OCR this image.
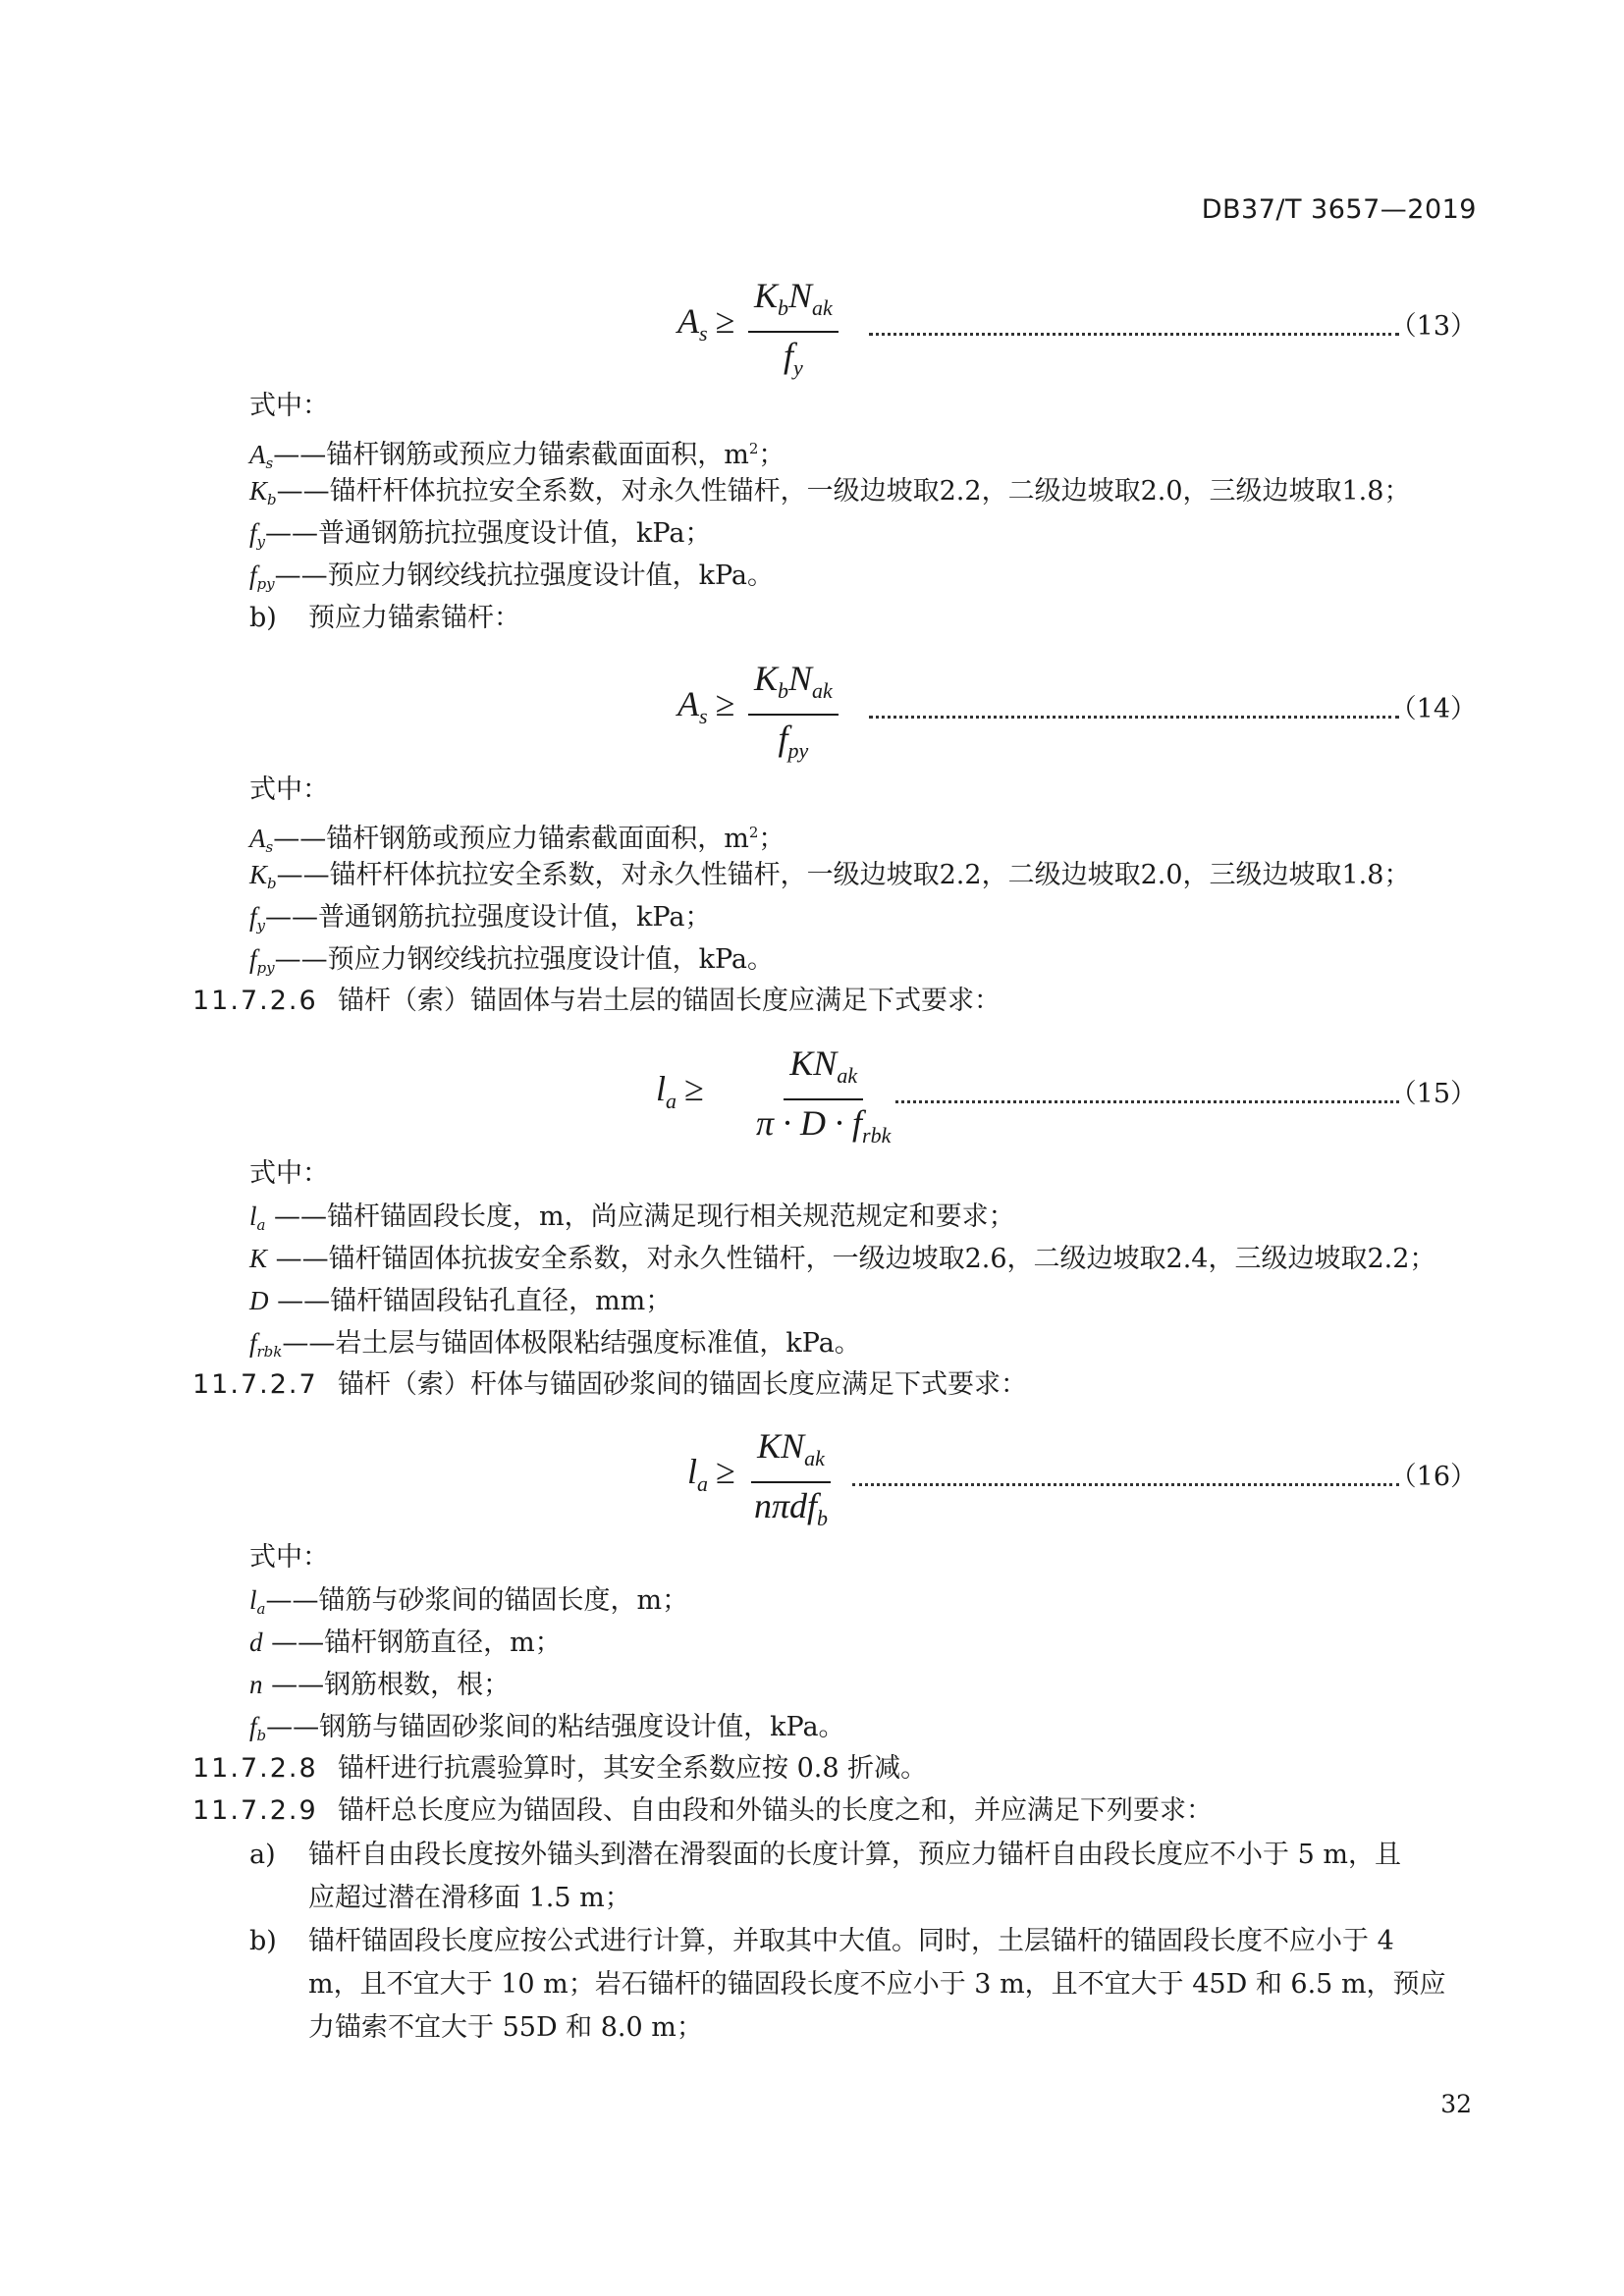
DB37/T 3657—2019
$A_s$ ≥
$K_bN_{ak}$
$f_y$
（13）
式中：
$A_s——$锚杆钢筋或预应力锚索截面面积，$m^2$；
$K_b——$锚杆杆体抗拉安全系数，对永久性锚杆，一级边坡取2.2，二级边坡取2.0，三级边坡取1.8；
$f_y——$普通钢筋抗拉强度设计值，kPa；
$f_{py}——$预应力钢绞线抗拉强度设计值，kPa。
b) 预应力锚索锚杆：
$A_s$ ≥
$K_bN_{ak}$
$f_{py}$
（14）
式中：
$A_s——$锚杆钢筋或预应力锚索截面面积，$m^2$；
$K_b——$锚杆杆体抗拉安全系数，对永久性锚杆，一级边坡取2.2，二级边坡取2.0，三级边坡取1.8；
$f_y——$普通钢筋抗拉强度设计值，kPa；
$f_{py}——$预应力钢绞线抗拉强度设计值，kPa。
11.7.2.6 锚杆（索）锚固体与岩土层的锚固长度应满足下式要求：
$l_a$ ≥
$KN_{ak}$
$\pi \cdot D \cdot f_{rbk}$
（15）
式中：
$l_a$ ——锚杆锚固段长度，m，尚应满足现行相关规范规定和要求；
K ——锚杆锚固体抗拔安全系数，对永久性锚杆，一级边坡取2.6，二级边坡取2.4，三级边坡取2.2；
D ——锚杆锚固段钻孔直径，mm；
$f_{rbk}——$岩土层与锚固体极限粘结强度标准值，kPa。
11.7.2.7 锚杆（索）杆体与锚固砂浆间的锚固长度应满足下式要求：
$l_a$ ≥
$KN_{ak}$
nπdf$_b$
（16）
式中：
$l_a——$锚筋与砂浆间的锚固长度，m；
d ——锚杆钢筋直径，m；
n ——钢筋根数，根；
$f_b——$钢筋与锚固砂浆间的粘结强度设计值，kPa。
11.7.2.8 锚杆进行抗震验算时，其安全系数应按 0.8 折减。
11.7.2.9 锚杆总长度应为锚固段、自由段和外锚头的长度之和，并应满足下列要求：
a) 锚杆自由段长度按外锚头到潜在滑裂面的长度计算，预应力锚杆自由段长度应不小于 5 m，且
应超过潜在滑移面 1.5 m；
b) 锚杆锚固段长度应按公式进行计算，并取其中大值。同时，土层锚杆的锚固段长度不应小于 4
m，且不宜大于 10 m；岩石锚杆的锚固段长度不应小于 3 m，且不宜大于 45D 和 6.5 m，预应
力锚索不宜大于 55D 和 8.0 m；
32
